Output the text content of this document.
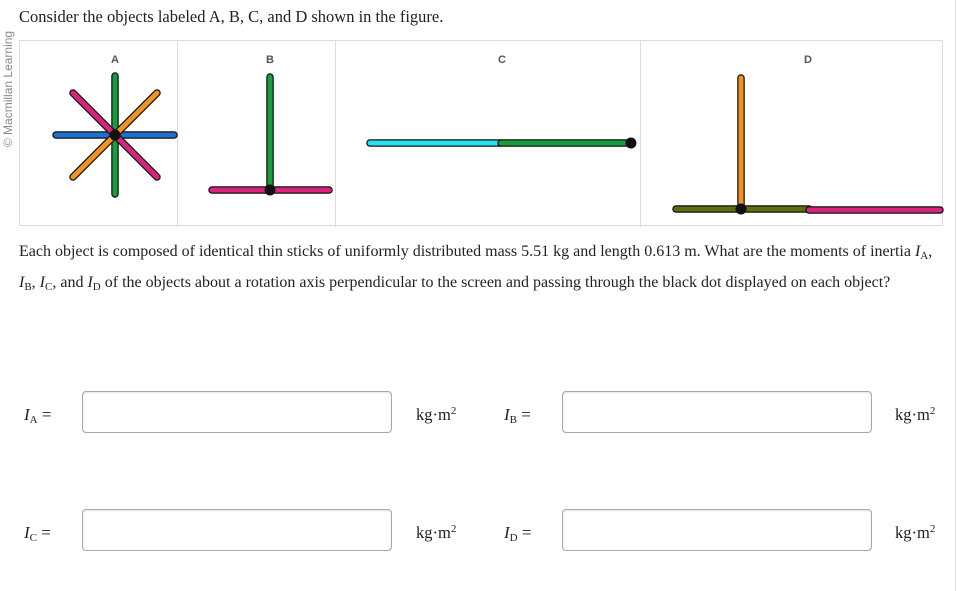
© Macmillan Learning
Consider the objects labeled A, B, C, and D shown in the figure.
A	B	C	D
Each object is composed of identical thin sticks of uniformly distributed mass 5.51 kg and length 0.613 m. What are the moments of inertia $I_A$, $I_B$, $I_C$, and $I_D$ of the objects about a rotation axis perpendicular to the screen and passing through the black dot displayed on each object?
$I_A$ =	$kg\cdot m^2$	$I_B$ =	$kg\cdot m^2$
$I_C$ =	$kg\cdot m^2$	$I_D$ =	$kg\cdot m^2$
